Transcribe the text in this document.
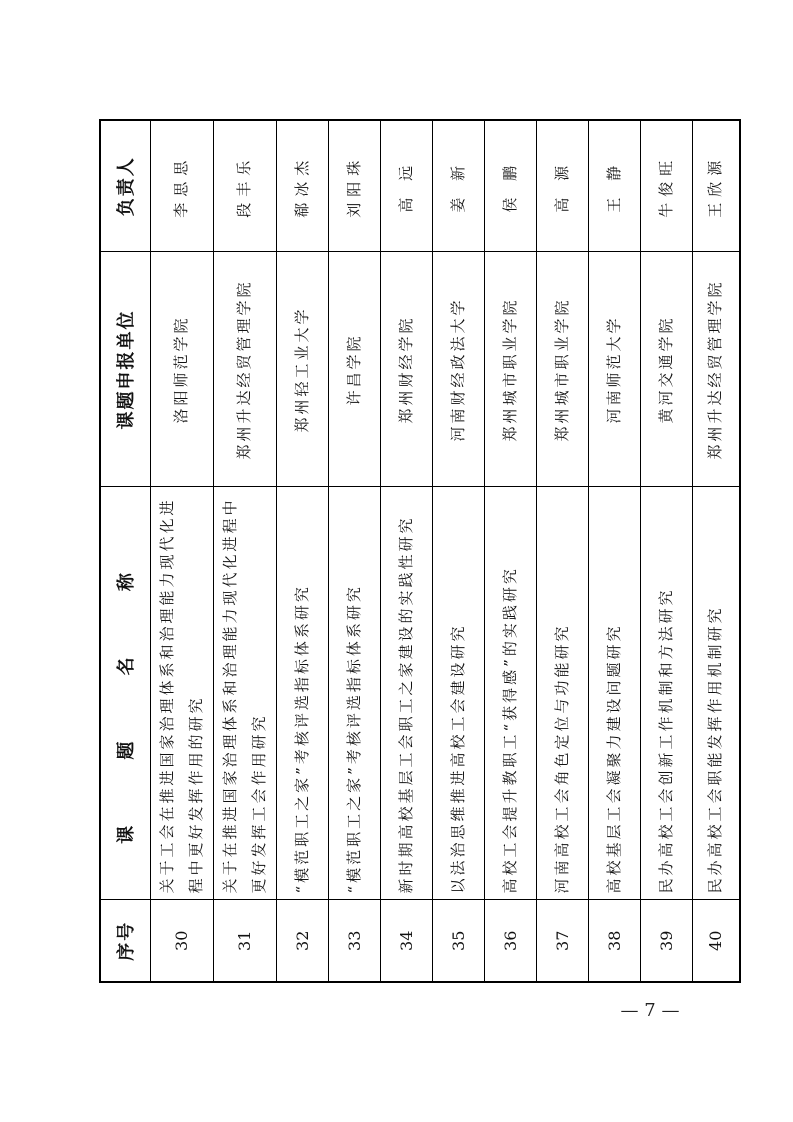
序号	课 题 名 称	课题申报单位	负责人
30	关于工会在推进国家治理体系和治理能力现代化进程中更好发挥作用的研究	洛阳师范学院	李思思
31	关于在推进国家治理体系和治理能力现代化进程中更好发挥工会作用研究	郑州升达经贸管理学院	段丰乐
32	“模范职工之家”考核评选指标体系研究	郑州轻工业大学	郗冰杰
33	“模范职工之家”考核评选指标体系研究	许昌学院	刘阳珠
34	新时期高校基层工会职工之家建设的实践性研究	郑州财经学院	高 远
35	以法治思维推进高校工会建设研究	河南财经政法大学	姜 新
36	高校工会提升教职工“获得感”的实践研究	郑州城市职业学院	侯 鹏
37	河南高校工会角色定位与功能研究	郑州城市职业学院	高 源
38	高校基层工会凝聚力建设问题研究	河南师范大学	王 静
39	民办高校工会创新工作机制和方法研究	黄河交通学院	牛俊旺
40	民办高校工会职能发挥作用机制研究	郑州升达经贸管理学院	王欣源
— 7 —
